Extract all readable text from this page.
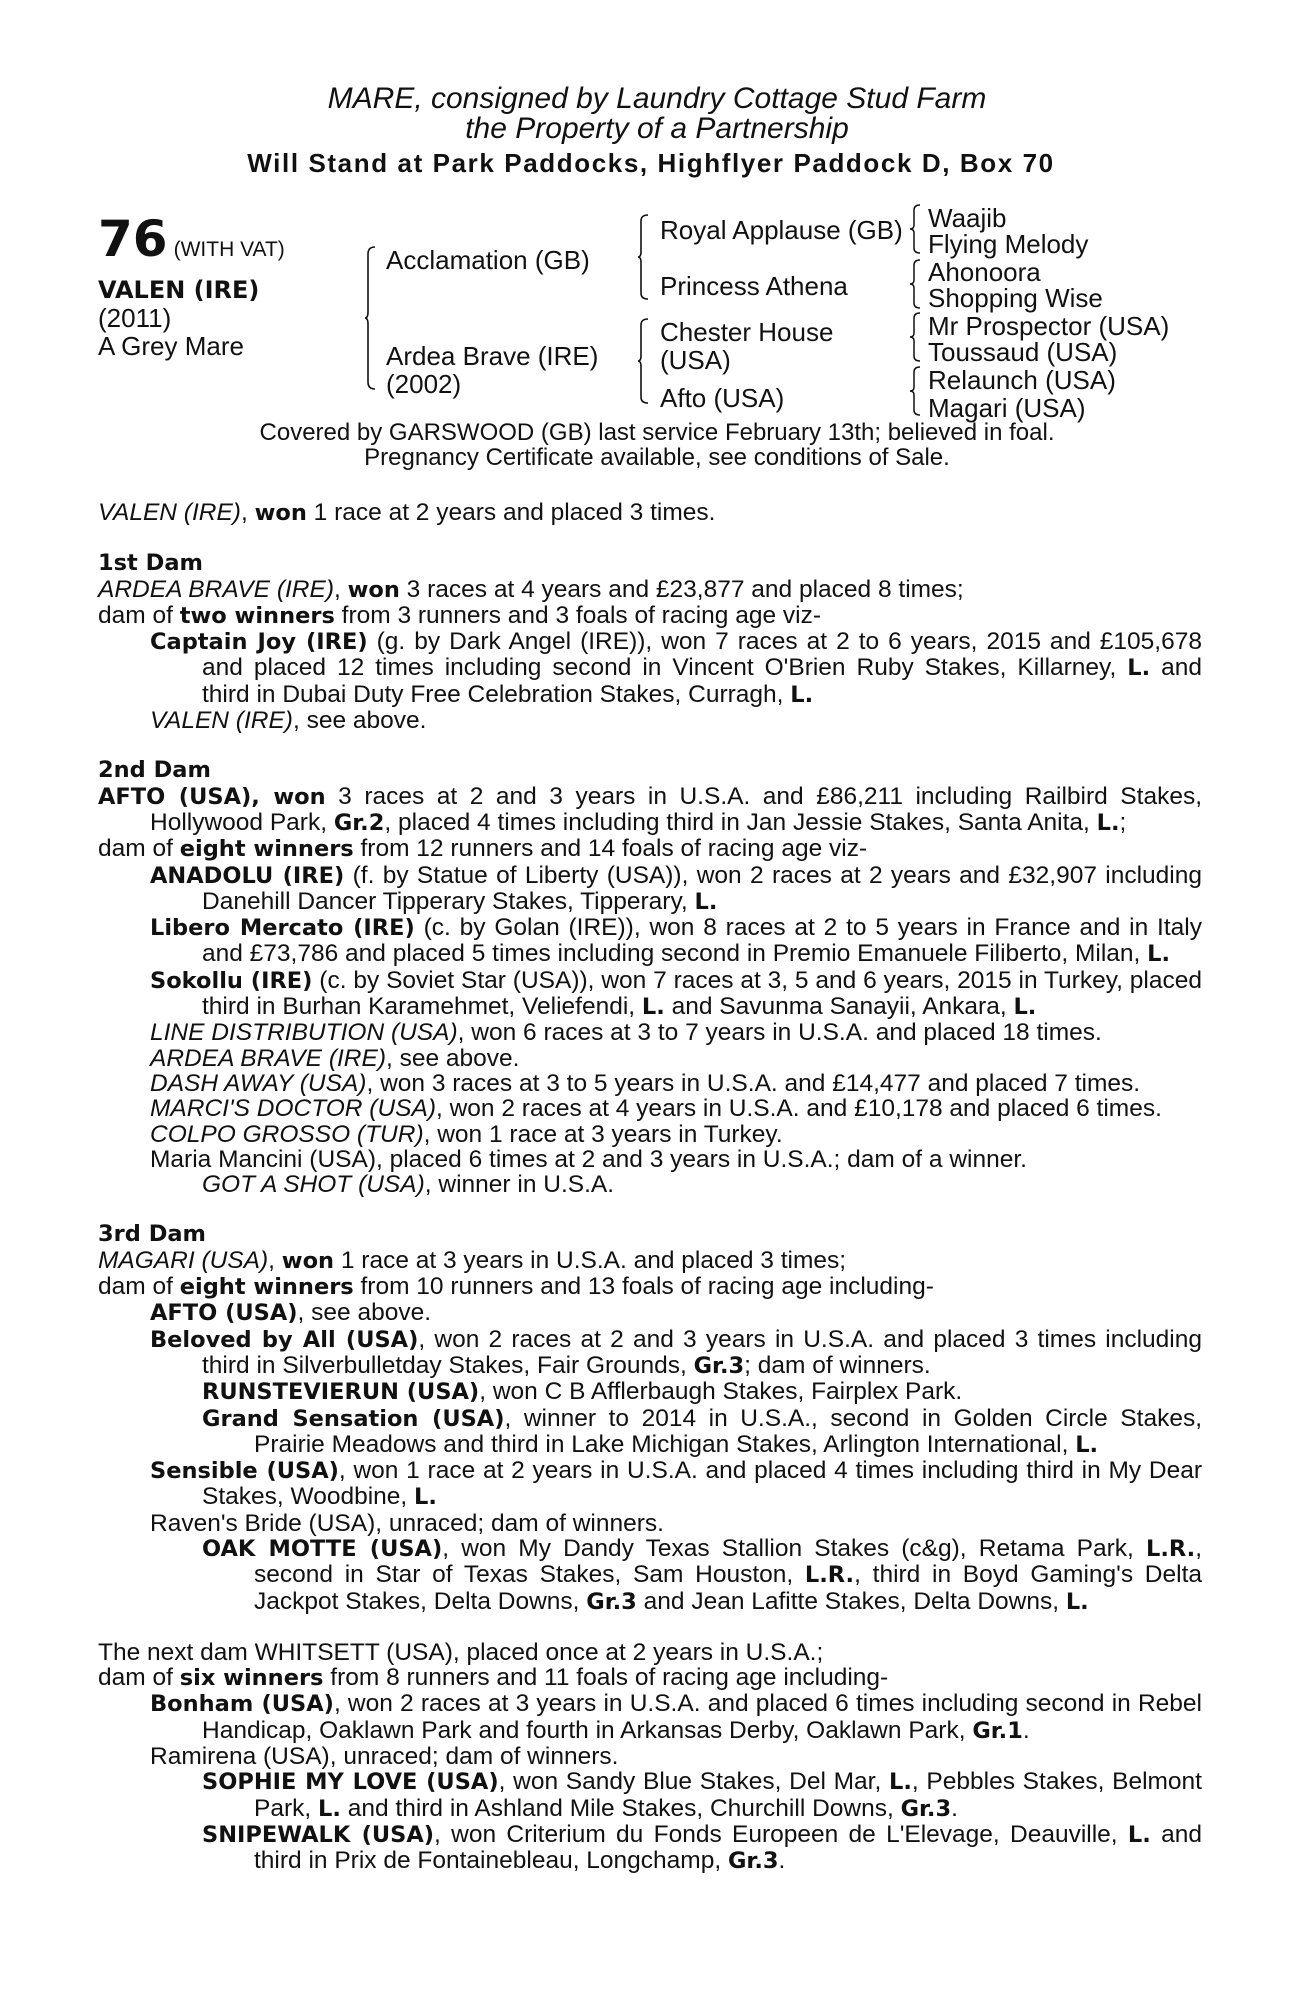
MARE, consigned by Laundry Cottage Stud Farm
the Property of a Partnership
Will Stand at Park Paddocks, Highflyer Paddock D, Box 70
76 (WITH VAT)
VALEN (IRE)
(2011)
A Grey Mare
Acclamation (GB)
Ardea Brave (IRE)
(2002)
Royal Applause (GB)
Princess Athena
Chester House
(USA)
Afto (USA)
Waajib
Flying Melody
Ahonoora
Shopping Wise
Mr Prospector (USA)
Toussaud (USA)
Relaunch (USA)
Magari (USA)
Covered by GARSWOOD (GB) last service February 13th; believed in foal.
Pregnancy Certificate available, see conditions of Sale.
VALEN (IRE), won 1 race at 2 years and placed 3 times.
1st Dam
ARDEA BRAVE (IRE), won 3 races at 4 years and £23,877 and placed 8 times;
dam of two winners from 3 runners and 3 foals of racing age viz-
Captain Joy (IRE) (g. by Dark Angel (IRE)), won 7 races at 2 to 6 years, 2015 and £105,678 and placed 12 times including second in Vincent O'Brien Ruby Stakes, Killarney, L. and third in Dubai Duty Free Celebration Stakes, Curragh, L.
VALEN (IRE), see above.
2nd Dam
AFTO (USA), won 3 races at 2 and 3 years in U.S.A. and £86,211 including Railbird Stakes, Hollywood Park, Gr.2, placed 4 times including third in Jan Jessie Stakes, Santa Anita, L.;
dam of eight winners from 12 runners and 14 foals of racing age viz-
ANADOLU (IRE) (f. by Statue of Liberty (USA)), won 2 races at 2 years and £32,907 including Danehill Dancer Tipperary Stakes, Tipperary, L.
Libero Mercato (IRE) (c. by Golan (IRE)), won 8 races at 2 to 5 years in France and in Italy and £73,786 and placed 5 times including second in Premio Emanuele Filiberto, Milan, L.
Sokollu (IRE) (c. by Soviet Star (USA)), won 7 races at 3, 5 and 6 years, 2015 in Turkey, placed third in Burhan Karamehmet, Veliefendi, L. and Savunma Sanayii, Ankara, L.
LINE DISTRIBUTION (USA), won 6 races at 3 to 7 years in U.S.A. and placed 18 times.
ARDEA BRAVE (IRE), see above.
DASH AWAY (USA), won 3 races at 3 to 5 years in U.S.A. and £14,477 and placed 7 times.
MARCI'S DOCTOR (USA), won 2 races at 4 years in U.S.A. and £10,178 and placed 6 times.
COLPO GROSSO (TUR), won 1 race at 3 years in Turkey.
Maria Mancini (USA), placed 6 times at 2 and 3 years in U.S.A.; dam of a winner.
GOT A SHOT (USA), winner in U.S.A.
3rd Dam
MAGARI (USA), won 1 race at 3 years in U.S.A. and placed 3 times;
dam of eight winners from 10 runners and 13 foals of racing age including-
AFTO (USA), see above.
Beloved by All (USA), won 2 races at 2 and 3 years in U.S.A. and placed 3 times including third in Silverbulletday Stakes, Fair Grounds, Gr.3; dam of winners.
RUNSTEVIERUN (USA), won C B Afflerbaugh Stakes, Fairplex Park.
Grand Sensation (USA), winner to 2014 in U.S.A., second in Golden Circle Stakes, Prairie Meadows and third in Lake Michigan Stakes, Arlington International, L.
Sensible (USA), won 1 race at 2 years in U.S.A. and placed 4 times including third in My Dear Stakes, Woodbine, L.
Raven's Bride (USA), unraced; dam of winners.
OAK MOTTE (USA), won My Dandy Texas Stallion Stakes (c&g), Retama Park, L.R., second in Star of Texas Stakes, Sam Houston, L.R., third in Boyd Gaming's Delta Jackpot Stakes, Delta Downs, Gr.3 and Jean Lafitte Stakes, Delta Downs, L.
The next dam WHITSETT (USA), placed once at 2 years in U.S.A.;
dam of six winners from 8 runners and 11 foals of racing age including-
Bonham (USA), won 2 races at 3 years in U.S.A. and placed 6 times including second in Rebel Handicap, Oaklawn Park and fourth in Arkansas Derby, Oaklawn Park, Gr.1.
Ramirena (USA), unraced; dam of winners.
SOPHIE MY LOVE (USA), won Sandy Blue Stakes, Del Mar, L., Pebbles Stakes, Belmont Park, L. and third in Ashland Mile Stakes, Churchill Downs, Gr.3.
SNIPEWALK (USA), won Criterium du Fonds Europeen de L'Elevage, Deauville, L. and third in Prix de Fontainebleau, Longchamp, Gr.3.
